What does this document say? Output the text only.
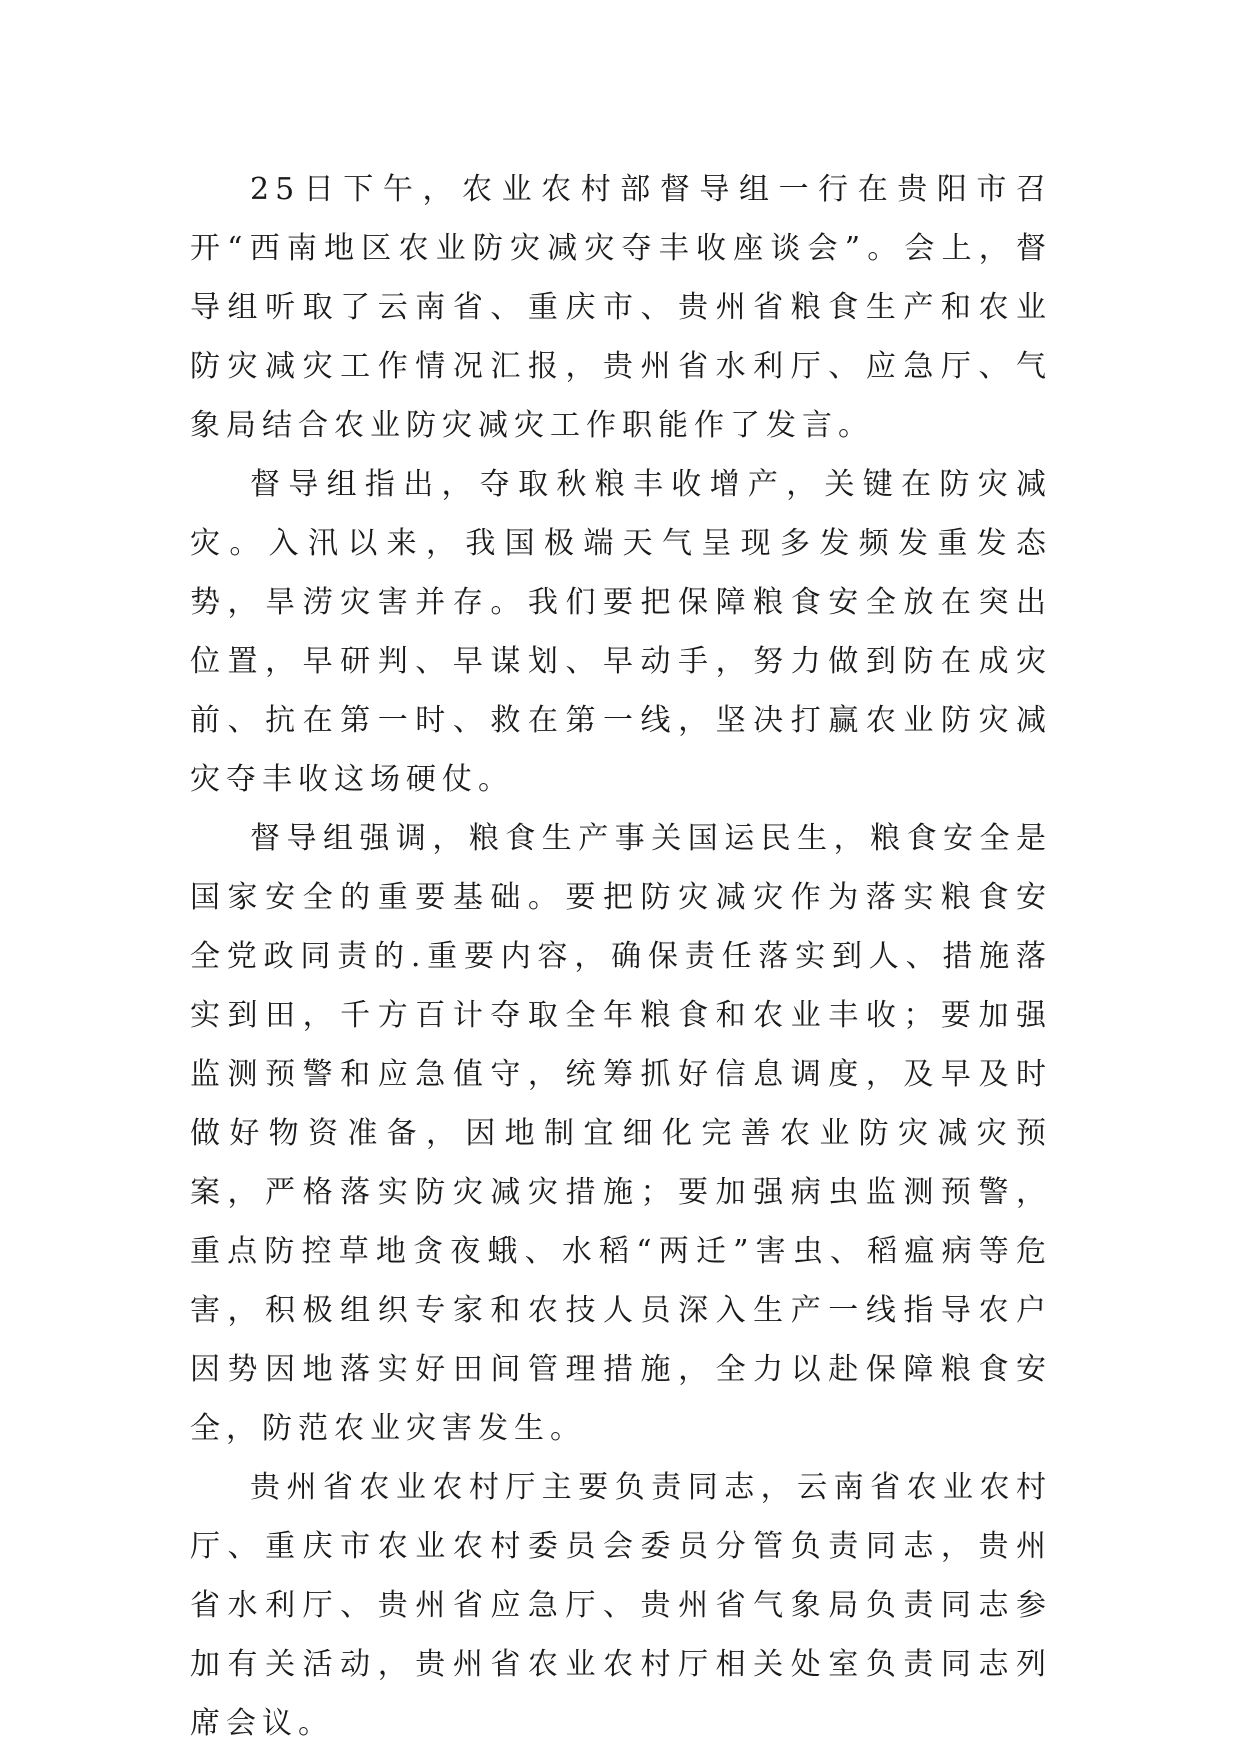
25日下午，农业农村部督导组一行在贵阳市召开“西南地区农业防灾减灾夺丰收座谈会”。会上，督导组听取了云南省、重庆市、贵州省粮食生产和农业防灾减灾工作情况汇报，贵州省水利厅、应急厅、气象局结合农业防灾减灾工作职能作了发言。

督导组指出，夺取秋粮丰收增产，关键在防灾减灾。入汛以来，我国极端天气呈现多发频发重发态势，旱涝灾害并存。我们要把保障粮食安全放在突出位置，早研判、早谋划、早动手，努力做到防在成灾前、抗在第一时、救在第一线，坚决打赢农业防灾减灾夺丰收这场硬仗。

督导组强调，粮食生产事关国运民生，粮食安全是国家安全的重要基础。要把防灾减灾作为落实粮食安全党政同责的.重要内容，确保责任落实到人、措施落实到田，千方百计夺取全年粮食和农业丰收；要加强监测预警和应急值守，统筹抓好信息调度，及早及时做好物资准备，因地制宜细化完善农业防灾减灾预案，严格落实防灾减灾措施；要加强病虫监测预警，重点防控草地贪夜蛾、水稻“两迁”害虫、稻瘟病等危害，积极组织专家和农技人员深入生产一线指导农户因势因地落实好田间管理措施，全力以赴保障粮食安全，防范农业灾害发生。

贵州省农业农村厅主要负责同志，云南省农业农村厅、重庆市农业农村委员会委员分管负责同志，贵州省水利厅、贵州省应急厅、贵州省气象局负责同志参加有关活动，贵州省农业农村厅相关处室负责同志列席会议。
